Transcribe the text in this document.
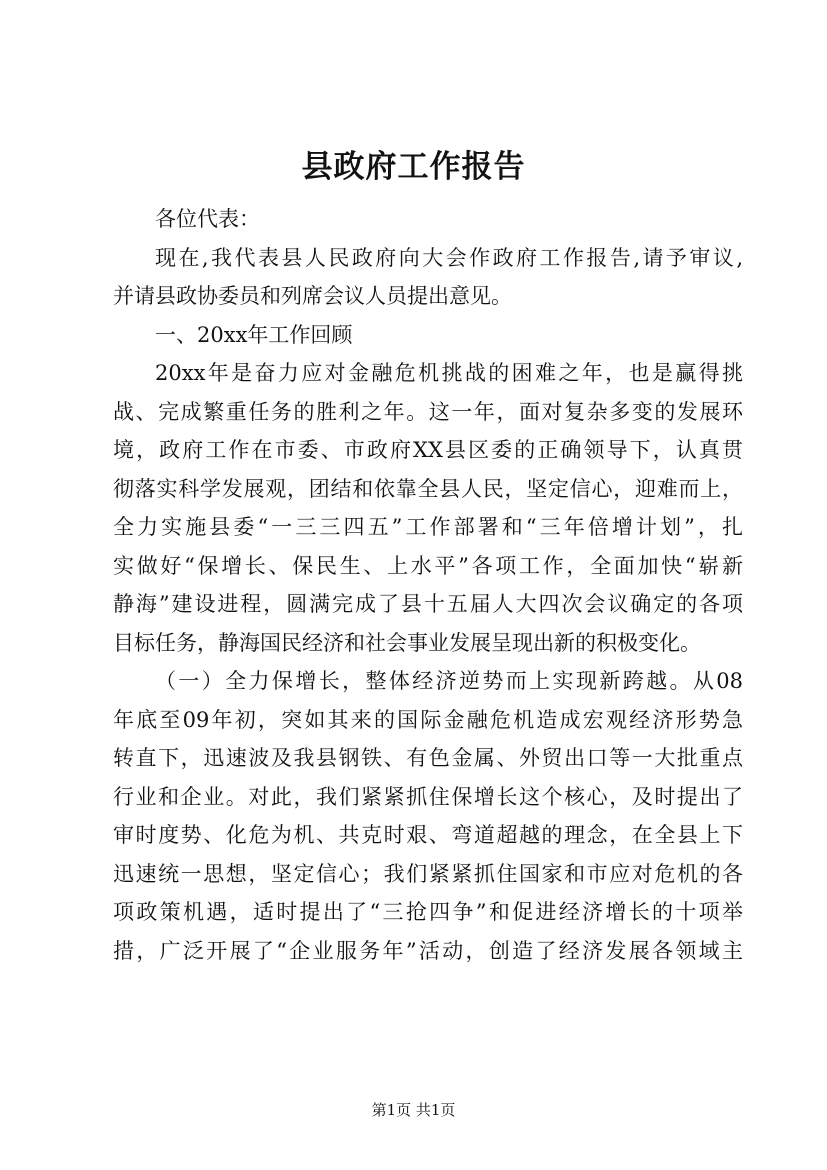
县政府工作报告
各位代表：
现在,我代表县人民政府向大会作政府工作报告,请予审议,
并请县政协委员和列席会议人员提出意见。
一、20xx年工作回顾
20xx年是奋力应对金融危机挑战的困难之年，也是赢得挑
战、完成繁重任务的胜利之年。这一年，面对复杂多变的发展环
境，政府工作在市委、市政府XX县区委的正确领导下，认真贯
彻落实科学发展观，团结和依靠全县人民，坚定信心，迎难而上，
全力实施县委“一三三四五”工作部署和“三年倍增计划”，扎
实做好“保增长、保民生、上水平”各项工作，全面加快“崭新
静海”建设进程，圆满完成了县十五届人大四次会议确定的各项
目标任务，静海国民经济和社会事业发展呈现出新的积极变化。
（一）全力保增长，整体经济逆势而上实现新跨越。从08
年底至09年初，突如其来的国际金融危机造成宏观经济形势急
转直下，迅速波及我县钢铁、有色金属、外贸出口等一大批重点
行业和企业。对此，我们紧紧抓住保增长这个核心，及时提出了
审时度势、化危为机、共克时艰、弯道超越的理念，在全县上下
迅速统一思想，坚定信心；我们紧紧抓住国家和市应对危机的各
项政策机遇，适时提出了“三抢四争”和促进经济增长的十项举
措，广泛开展了“企业服务年”活动，创造了经济发展各领域主
第1页 共1页
